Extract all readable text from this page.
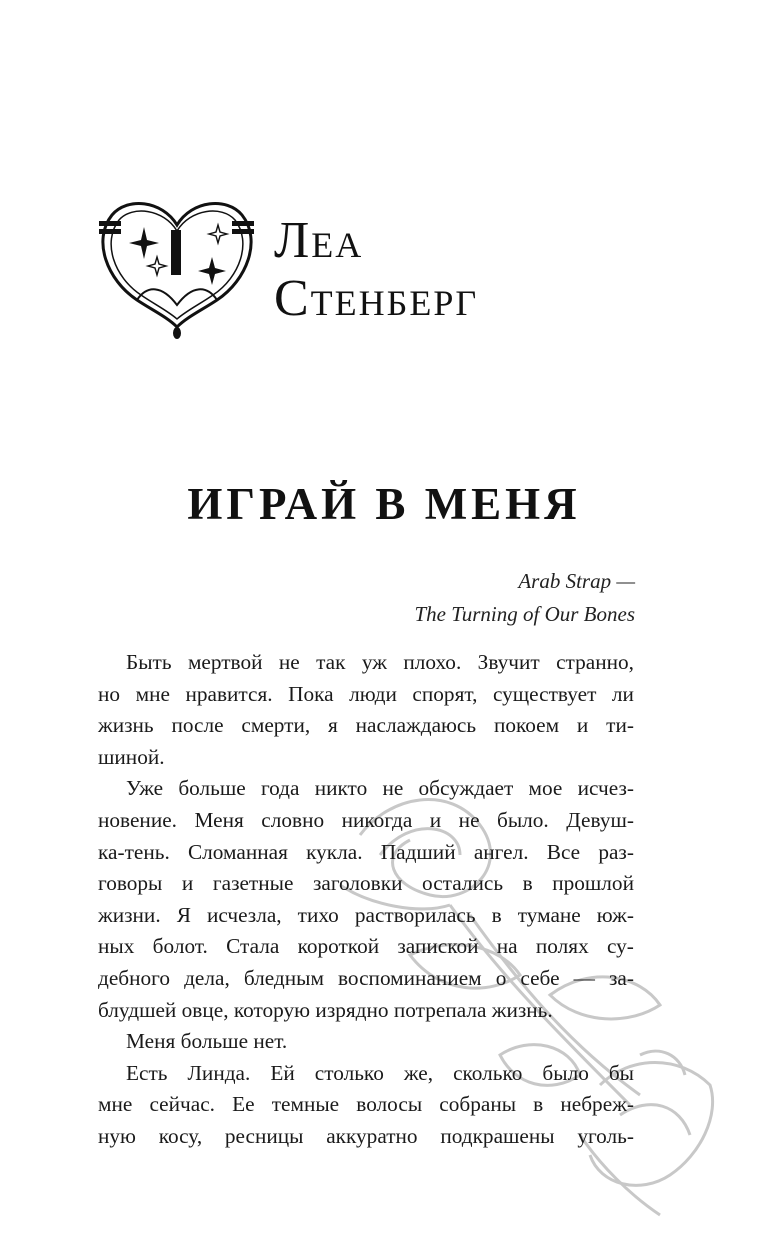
Леа
Стенберг
ИГРАЙ В МЕНЯ
Arab Strap —
The Turning of Our Bones
Быть мертвой не так уж плохо. Звучит странно,
но мне нравится. Пока люди спорят, существует ли
жизнь после смерти, я наслаждаюсь покоем и ти-
шиной.
Уже больше года никто не обсуждает мое исчез-
новение. Меня словно никогда и не было. Девуш-
ка-тень. Сломанная кукла. Падший ангел. Все раз-
говоры и газетные заголовки остались в прошлой
жизни. Я исчезла, тихо растворилась в тумане юж-
ных болот. Стала короткой запиской на полях су-
дебного дела, бледным воспоминанием о себе — за-
блудшей овце, которую изрядно потрепала жизнь.
Меня больше нет.
Есть Линда. Ей столько же, сколько было бы
мне сейчас. Ее темные волосы собраны в небреж-
ную косу, ресницы аккуратно подкрашены уголь-
